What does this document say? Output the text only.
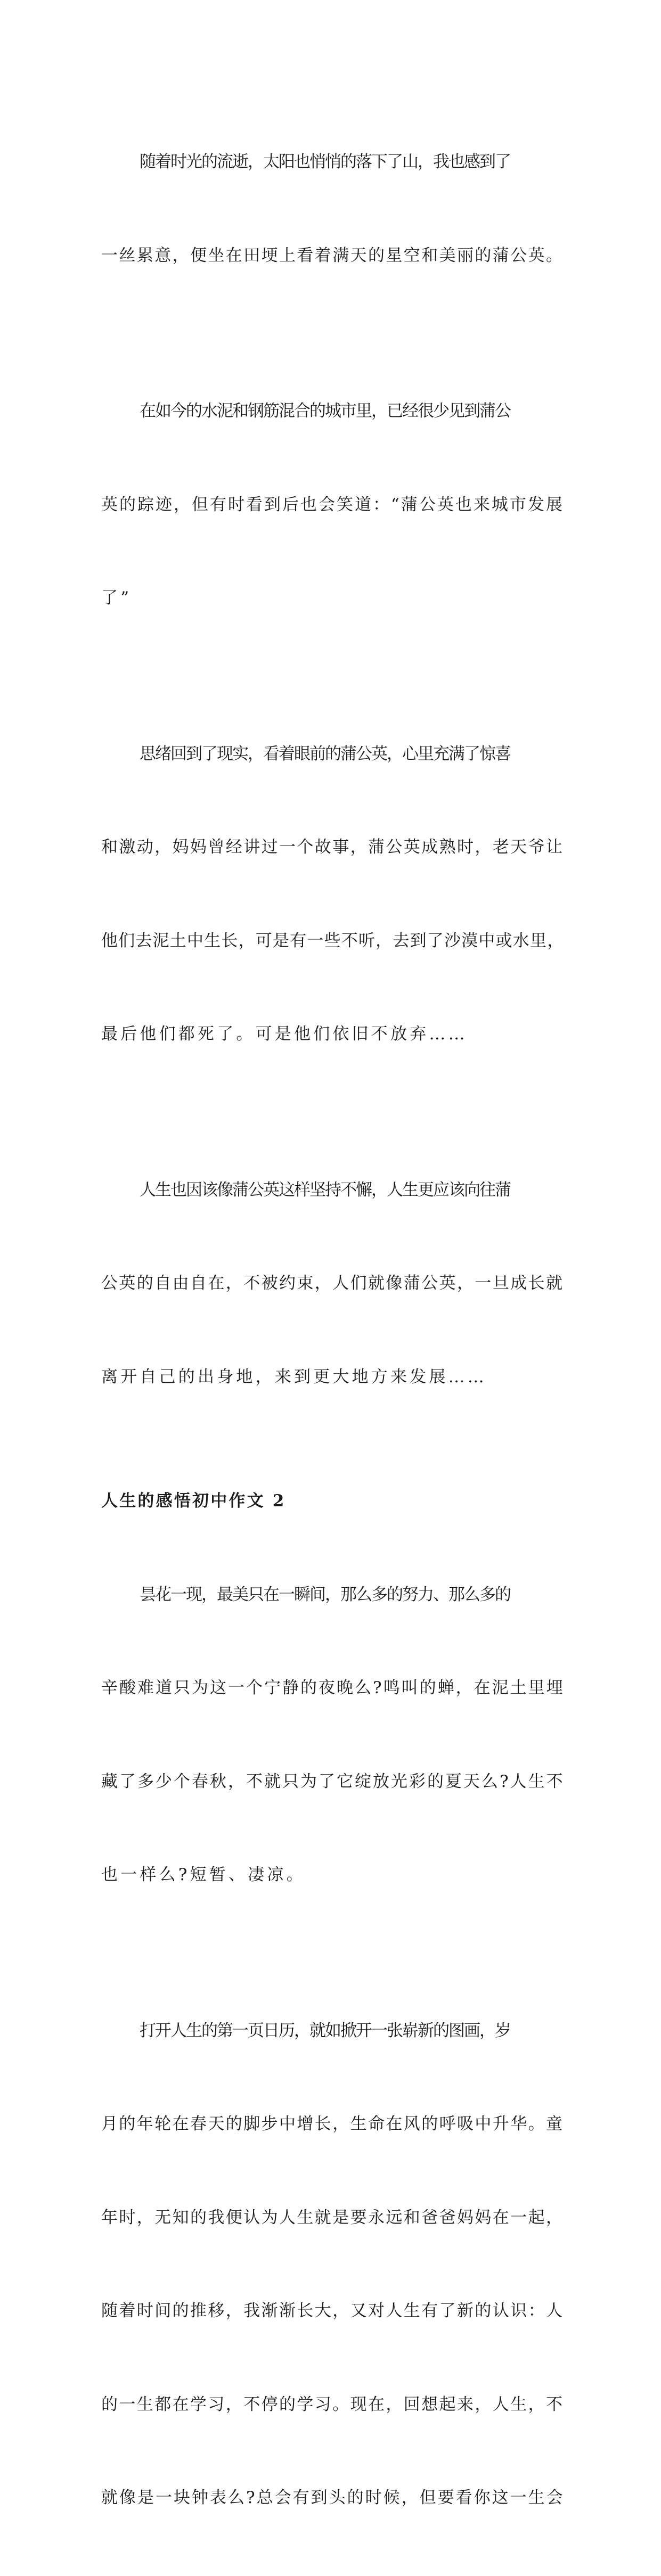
随着时光的流逝，太阳也悄悄的落下了山，我也感到了

一丝累意，便坐在田埂上看着满天的星空和美丽的蒲公英。

在如今的水泥和钢筋混合的城市里，已经很少见到蒲公

英的踪迹，但有时看到后也会笑道：“蒲公英也来城市发展

了”

思绪回到了现实，看着眼前的蒲公英，心里充满了惊喜

和激动，妈妈曾经讲过一个故事，蒲公英成熟时，老天爷让

他们去泥土中生长，可是有一些不听，去到了沙漠中或水里，

最后他们都死了。可是他们依旧不放弃……

人生也因该像蒲公英这样坚持不懈，人生更应该向往蒲

公英的自由自在，不被约束，人们就像蒲公英，一旦成长就

离开自己的出身地，来到更大地方来发展……

人生的感悟初中作文 2

昙花一现，最美只在一瞬间，那么多的努力、那么多的

辛酸难道只为这一个宁静的夜晚么?鸣叫的蝉，在泥土里埋

藏了多少个春秋，不就只为了它绽放光彩的夏天么?人生不

也一样么?短暂、凄凉。

打开人生的第一页日历，就如掀开一张崭新的图画，岁

月的年轮在春天的脚步中增长，生命在风的呼吸中升华。童

年时，无知的我便认为人生就是要永远和爸爸妈妈在一起，

随着时间的推移，我渐渐长大，又对人生有了新的认识：人

的一生都在学习，不停的学习。现在，回想起来，人生，不

就像是一块钟表么?总会有到头的时候，但要看你这一生会
